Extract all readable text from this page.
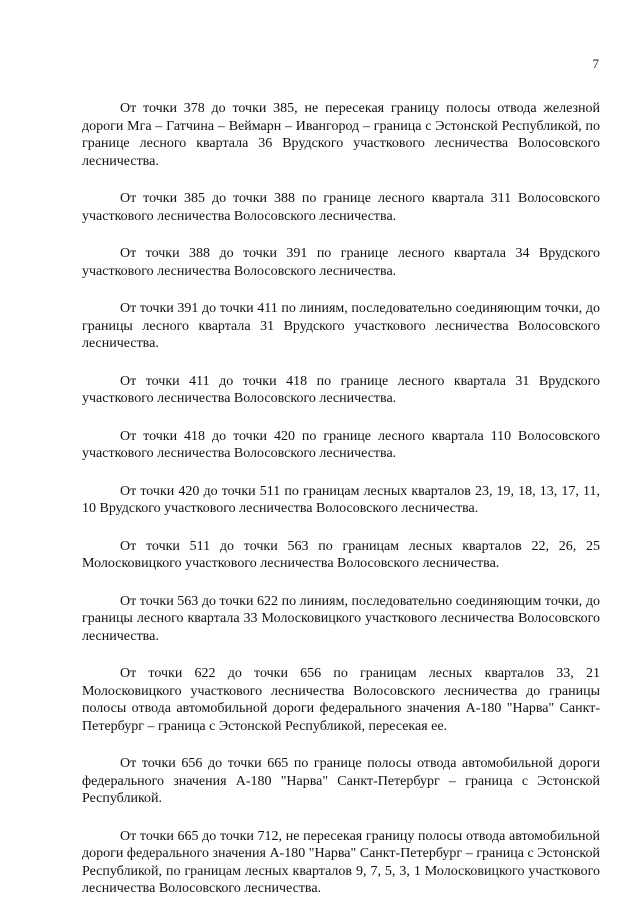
7

От точки 378 до точки 385, не пересекая границу полосы отвода железной дороги Мга – Гатчина – Веймарн – Ивангород – граница с Эстонской Республикой, по границе лесного квартала 36 Врудского участкового лесничества Волосовского лесничества.

От точки 385 до точки 388 по границе лесного квартала 311 Волосовского участкового лесничества Волосовского лесничества.

От точки 388 до точки 391 по границе лесного квартала 34 Врудского участкового лесничества Волосовского лесничества.

От точки 391 до точки 411 по линиям, последовательно соединяющим точки, до границы лесного квартала 31 Врудского участкового лесничества Волосовского лесничества.

От точки 411 до точки 418 по границе лесного квартала 31 Врудского участкового лесничества Волосовского лесничества.

От точки 418 до точки 420 по границе лесного квартала 110 Волосовского участкового лесничества Волосовского лесничества.

От точки 420 до точки 511 по границам лесных кварталов 23, 19, 18, 13, 17, 11, 10 Врудского участкового лесничества Волосовского лесничества.

От точки 511 до точки 563 по границам лесных кварталов 22, 26, 25 Молосковицкого участкового лесничества Волосовского лесничества.

От точки 563 до точки 622 по линиям, последовательно соединяющим точки, до границы лесного квартала 33 Молосковицкого участкового лесничества Волосовского лесничества.

От точки 622 до точки 656 по границам лесных кварталов 33, 21 Молосковицкого участкового лесничества Волосовского лесничества до границы полосы отвода автомобильной дороги федерального значения А-180 "Нарва" Санкт-Петербург – граница с Эстонской Республикой, пересекая ее.

От точки 656 до точки 665 по границе полосы отвода автомобильной дороги федерального значения А-180 "Нарва" Санкт-Петербург – граница с Эстонской Республикой.

От точки 665 до точки 712, не пересекая границу полосы отвода автомобильной дороги федерального значения А-180 "Нарва" Санкт-Петербург – граница с Эстонской Республикой, по границам лесных кварталов 9, 7, 5, 3, 1 Молосковицкого участкового лесничества Волосовского лесничества.
